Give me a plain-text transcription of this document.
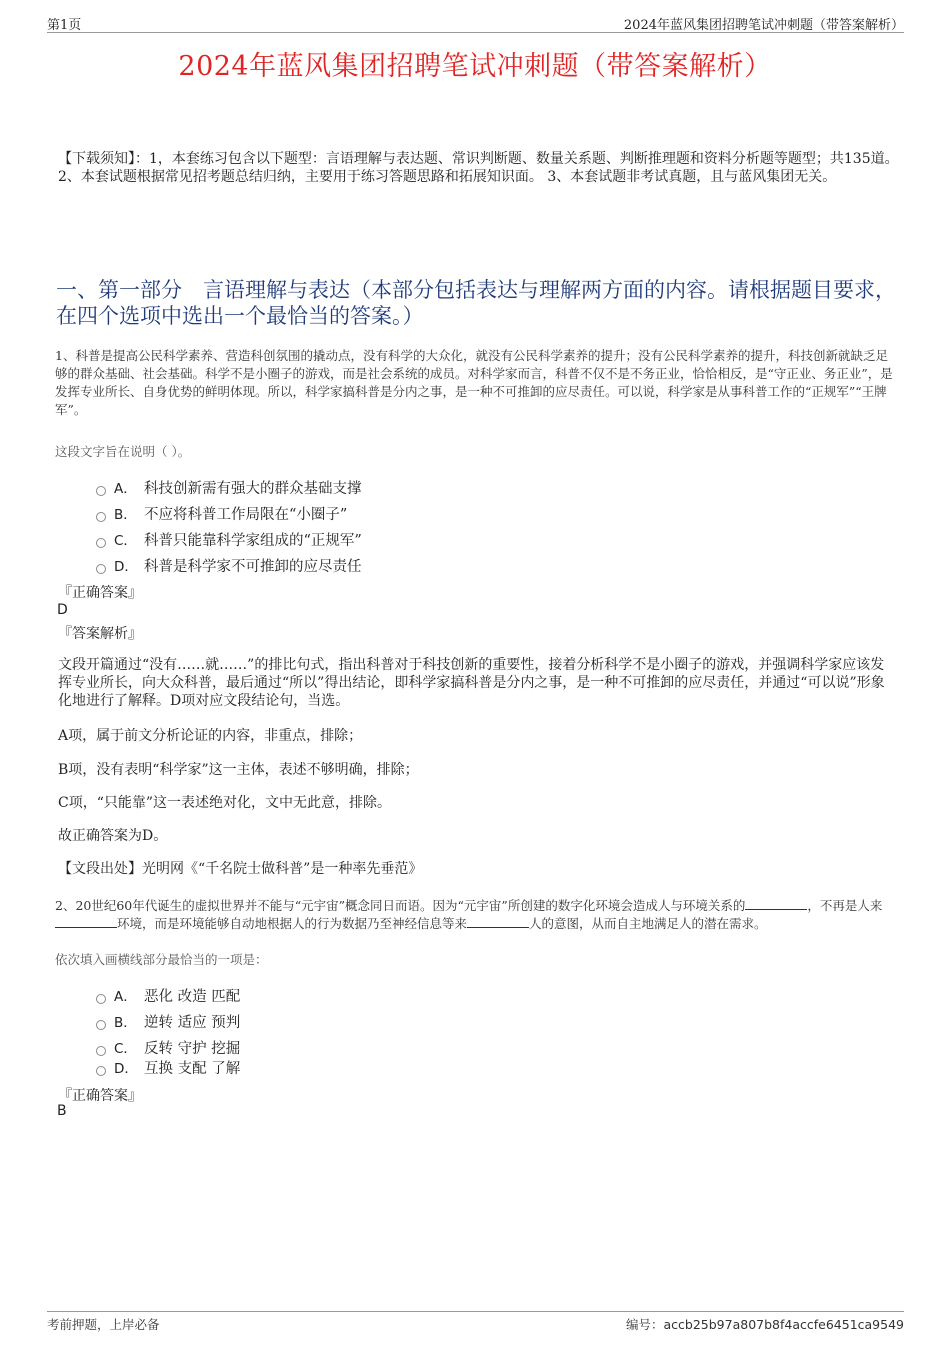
第1页	2024年蓝风集团招聘笔试冲刺题（带答案解析）
2024年蓝风集团招聘笔试冲刺题（带答案解析）
【下载须知】：1，本套练习包含以下题型：言语理解与表达题、常识判断题、数量关系题、判断推理题和资料分析题等题型；共135道。 2、本套试题根据常见招考题总结归纳，主要用于练习答题思路和拓展知识面。 3、本套试题非考试真题，且与蓝风集团无关。
一、第一部分　言语理解与表达（本部分包括表达与理解两方面的内容。请根据题目要求，在四个选项中选出一个最恰当的答案。）
1、科普是提高公民科学素养、营造科创氛围的撬动点，没有科学的大众化，就没有公民科学素养的提升；没有公民科学素养的提升，科技创新就缺乏足够的群众基础、社会基础。科学不是小圈子的游戏，而是社会系统的成员。对科学家而言，科普不仅不是不务正业，恰恰相反，是“守正业、务正业”，是发挥专业所长、自身优势的鲜明体现。所以，科学家搞科普是分内之事，是一种不可推卸的应尽责任。可以说，科学家是从事科普工作的“正规军”“王牌军”。
这段文字旨在说明（ ）。
A． 科技创新需有强大的群众基础支撑
B． 不应将科普工作局限在“小圈子”
C． 科普只能靠科学家组成的“正规军”
D． 科普是科学家不可推卸的应尽责任
『正确答案』
D
『答案解析』
文段开篇通过“没有……就……”的排比句式，指出科普对于科技创新的重要性，接着分析科学不是小圈子的游戏，并强调科学家应该发挥专业所长，向大众科普，最后通过“所以”得出结论，即科学家搞科普是分内之事，是一种不可推卸的应尽责任，并通过“可以说”形象化地进行了解释。D项对应文段结论句，当选。
A项，属于前文分析论证的内容，非重点，排除；
B项，没有表明“科学家”这一主体，表述不够明确，排除；
C项，“只能靠”这一表述绝对化，文中无此意，排除。
故正确答案为D。
【文段出处】光明网《“千名院士做科普”是一种率先垂范》
2、20世纪60年代诞生的虚拟世界并不能与“元宇宙”概念同日而语。因为“元宇宙”所创建的数字化环境会造成人与环境关系的	，不再是人来环境，而是环境能够自动地根据人的行为数据乃至神经信息等来	人的意图，从而自主地满足人的潜在需求。
依次填入画横线部分最恰当的一项是：
A． 恶化 改造 匹配
B． 逆转 适应 预判
C． 反转 守护 挖掘
D． 互换 支配 了解
『正确答案』
B
考前押题，上岸必备	编号：accb25b97a807b8f4accfe6451ca9549
